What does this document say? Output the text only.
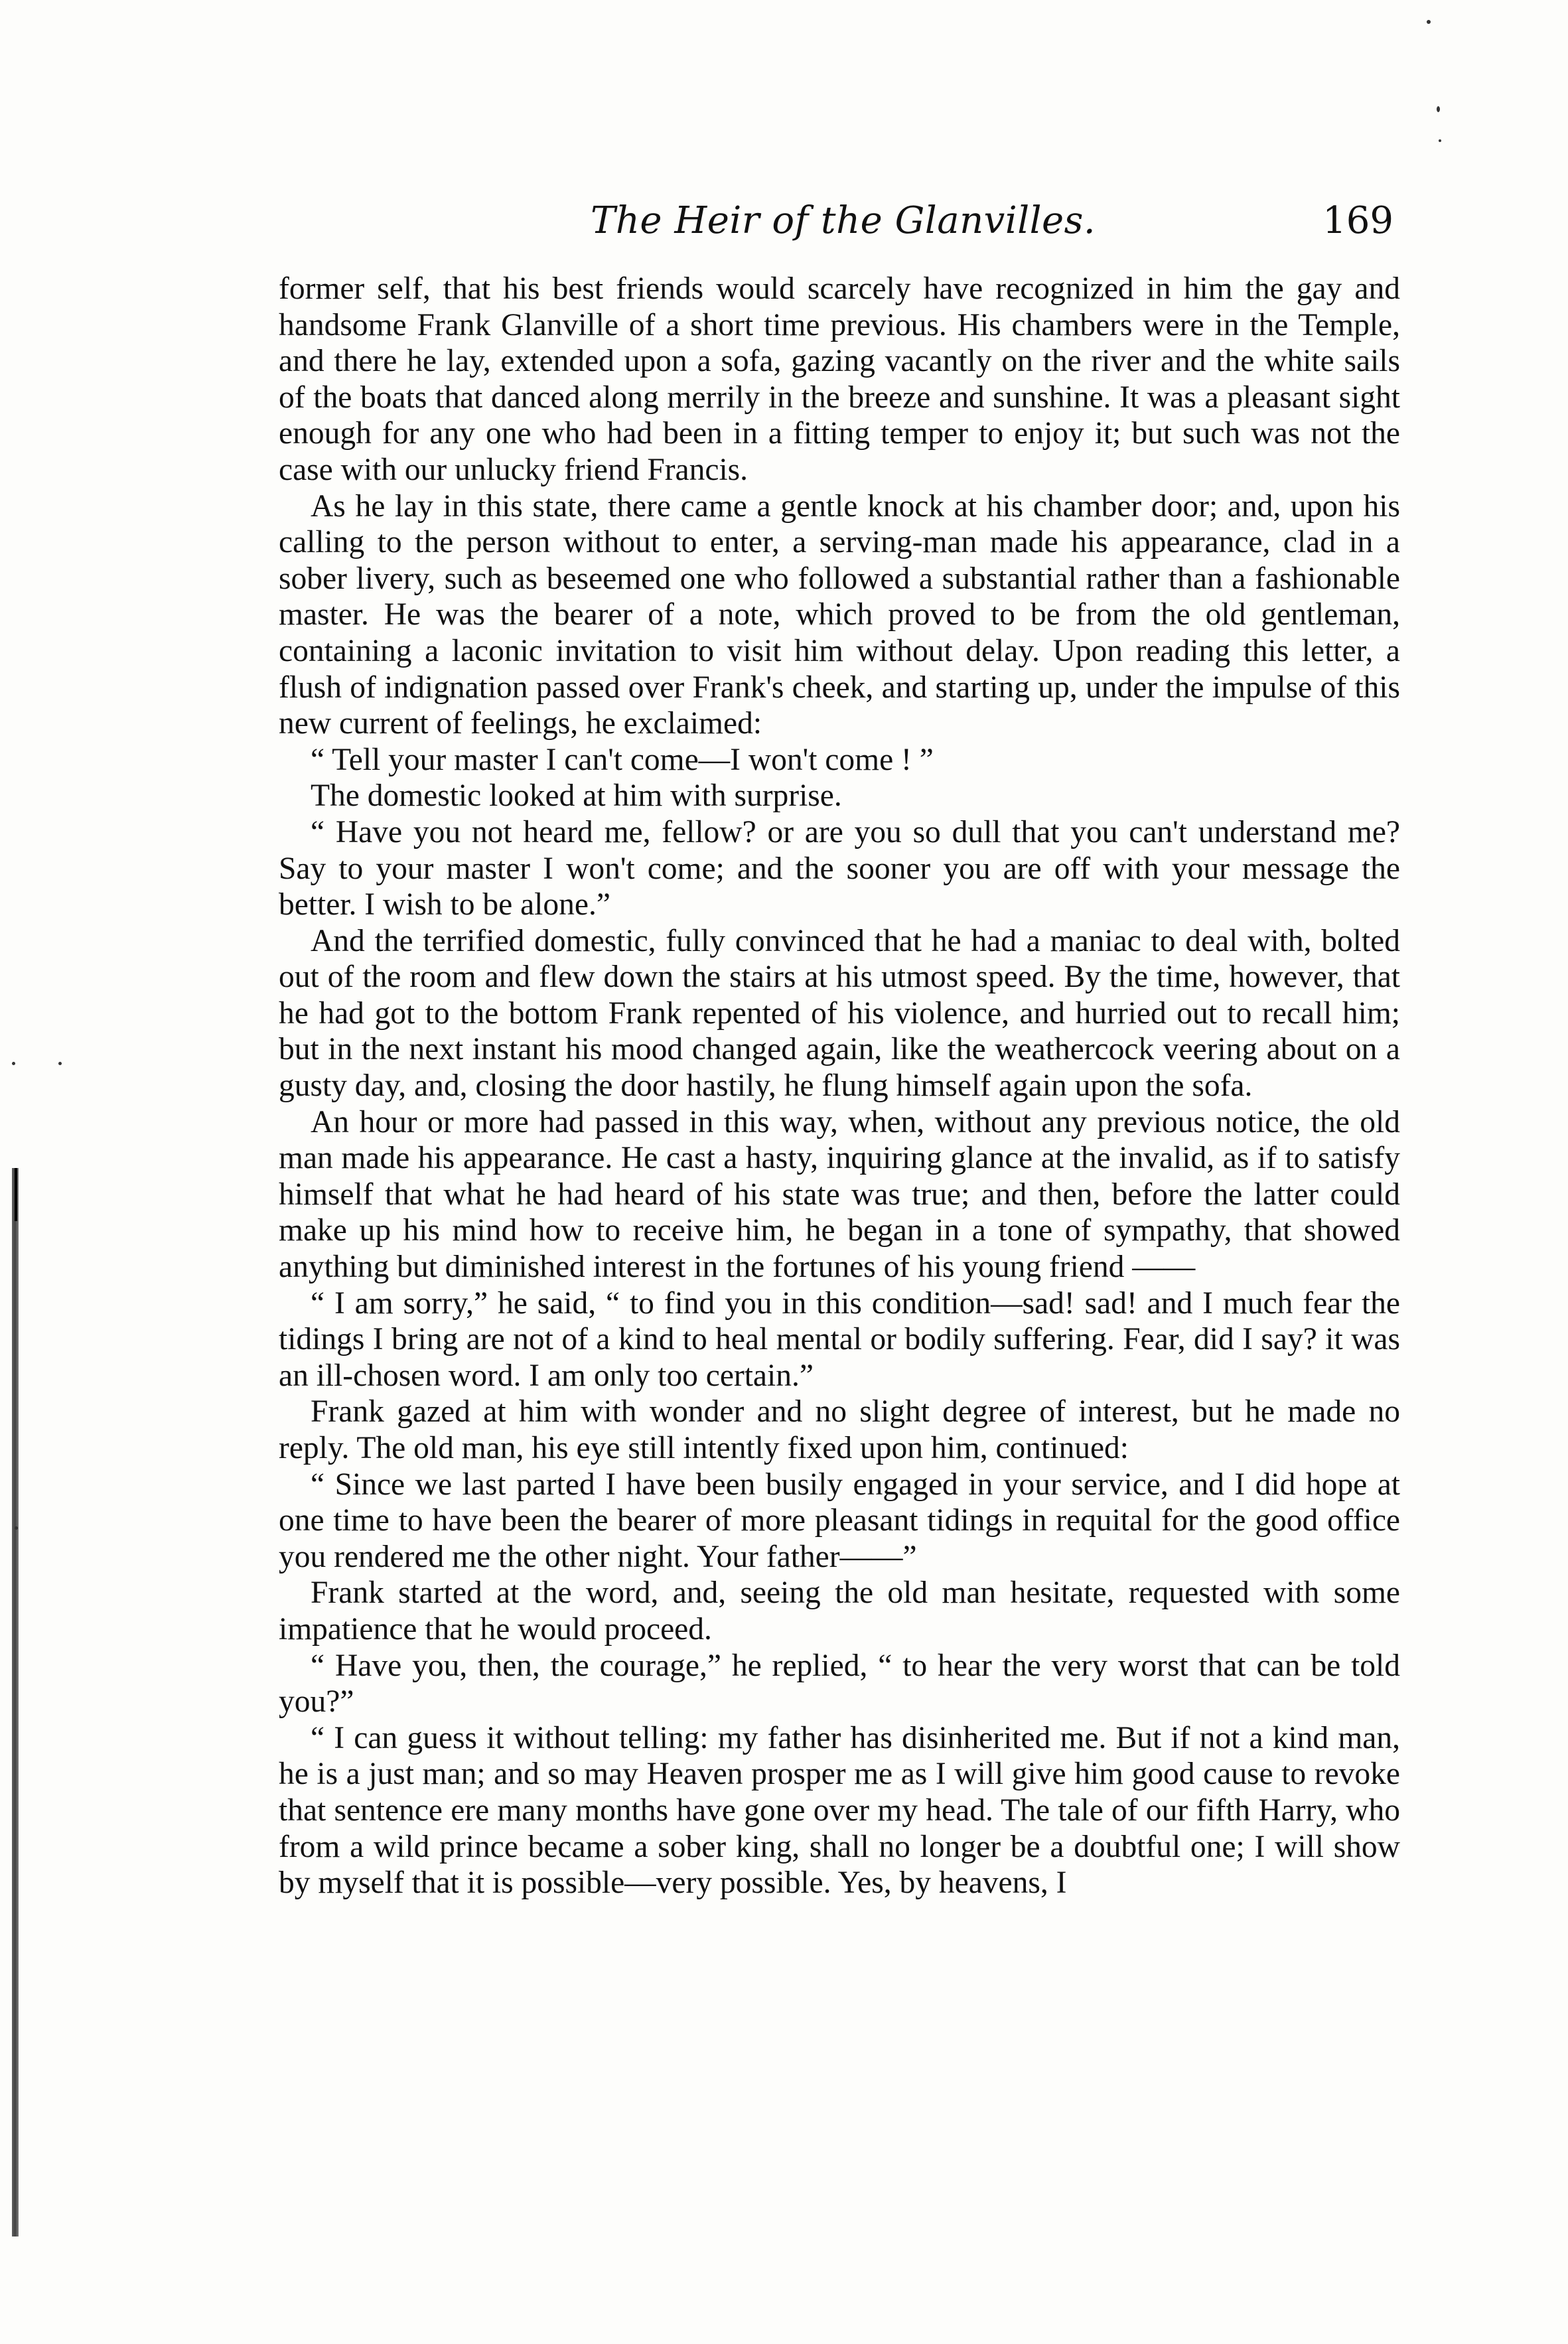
The Heir of the Glanvilles.	169

former self, that his best friends would scarcely have recognized in him the gay and handsome Frank Glanville of a short time previous. His chambers were in the Temple, and there he lay, extended upon a sofa, gazing vacantly on the river and the white sails of the boats that danced along merrily in the breeze and sunshine. It was a pleasant sight enough for any one who had been in a fitting temper to enjoy it; but such was not the case with our unlucky friend Francis.

As he lay in this state, there came a gentle knock at his chamber door; and, upon his calling to the person without to enter, a serving-man made his appearance, clad in a sober livery, such as beseemed one who followed a substantial rather than a fashionable master. He was the bearer of a note, which proved to be from the old gentleman, containing a laconic invitation to visit him without delay. Upon reading this letter, a flush of indignation passed over Frank's cheek, and starting up, under the impulse of this new current of feelings, he exclaimed:

“ Tell your master I can't come—I won't come ! ”

The domestic looked at him with surprise.

“ Have you not heard me, fellow? or are you so dull that you can't understand me? Say to your master I won't come; and the sooner you are off with your message the better. I wish to be alone.”

And the terrified domestic, fully convinced that he had a maniac to deal with, bolted out of the room and flew down the stairs at his utmost speed. By the time, however, that he had got to the bottom Frank repented of his violence, and hurried out to recall him; but in the next instant his mood changed again, like the weathercock veering about on a gusty day, and, closing the door hastily, he flung himself again upon the sofa.

An hour or more had passed in this way, when, without any previous notice, the old man made his appearance. He cast a hasty, inquiring glance at the invalid, as if to satisfy himself that what he had heard of his state was true; and then, before the latter could make up his mind how to receive him, he began in a tone of sympathy, that showed anything but diminished interest in the fortunes of his young friend ——

“ I am sorry,” he said, “ to find you in this condition—sad! sad! and I much fear the tidings I bring are not of a kind to heal mental or bodily suffering. Fear, did I say? it was an ill-chosen word. I am only too certain.”

Frank gazed at him with wonder and no slight degree of interest, but he made no reply. The old man, his eye still intently fixed upon him, continued:

“ Since we last parted I have been busily engaged in your service, and I did hope at one time to have been the bearer of more pleasant tidings in requital for the good office you rendered me the other night. Your father——”

Frank started at the word, and, seeing the old man hesitate, requested with some impatience that he would proceed.

“ Have you, then, the courage,” he replied, “ to hear the very worst that can be told you?”

“ I can guess it without telling: my father has disinherited me. But if not a kind man, he is a just man; and so may Heaven prosper me as I will give him good cause to revoke that sentence ere many months have gone over my head. The tale of our fifth Harry, who from a wild prince became a sober king, shall no longer be a doubtful one; I will show by myself that it is possible—very possible. Yes, by heavens, I
